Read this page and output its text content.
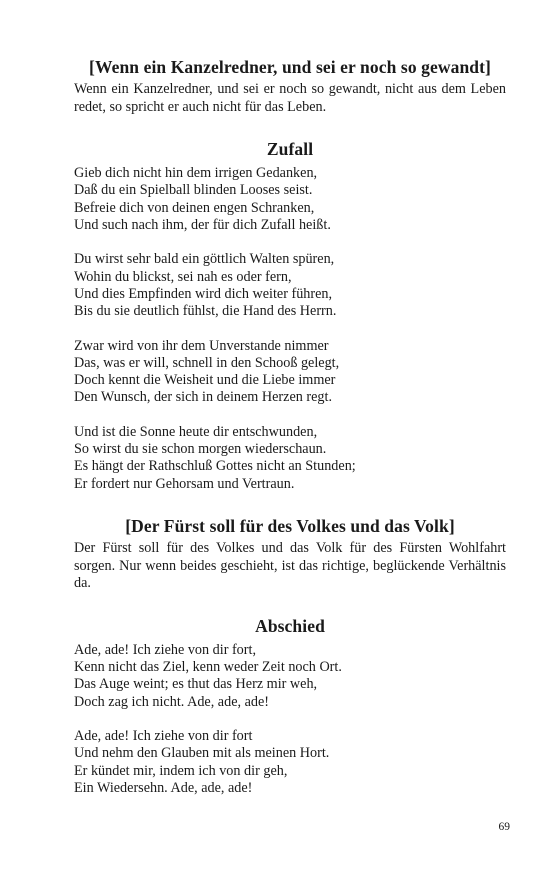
[Wenn ein Kanzelredner, und sei er noch so gewandt]

Wenn ein Kanzelredner, und sei er noch so gewandt, nicht aus dem Leben redet, so spricht er auch nicht für das Leben.

Zufall
Gieb dich nicht hin dem irrigen Gedanken,
Daß du ein Spielball blinden Looses seist.
Befreie dich von deinen engen Schranken,
Und such nach ihm, der für dich Zufall heißt.
Du wirst sehr bald ein göttlich Walten spüren,
Wohin du blickst, sei nah es oder fern,
Und dies Empfinden wird dich weiter führen,
Bis du sie deutlich fühlst, die Hand des Herrn.
Zwar wird von ihr dem Unverstande nimmer
Das, was er will, schnell in den Schooß gelegt,
Doch kennt die Weisheit und die Liebe immer
Den Wunsch, der sich in deinem Herzen regt.
Und ist die Sonne heute dir entschwunden,
So wirst du sie schon morgen wiederschaun.
Es hängt der Rathschluß Gottes nicht an Stunden;
Er fordert nur Gehorsam und Vertraun.
[Der Fürst soll für des Volkes und das Volk]

Der Fürst soll für des Volkes und das Volk für des Fürsten Wohlfahrt sorgen. Nur wenn beides geschieht, ist das richtige, beglückende Verhältnis da.

Abschied
Ade, ade! Ich ziehe von dir fort,
Kenn nicht das Ziel, kenn weder Zeit noch Ort.
Das Auge weint; es thut das Herz mir weh,
Doch zag ich nicht. Ade, ade, ade!
Ade, ade! Ich ziehe von dir fort
Und nehm den Glauben mit als meinen Hort.
Er kündet mir, indem ich von dir geh,
Ein Wiedersehn. Ade, ade, ade!
69
